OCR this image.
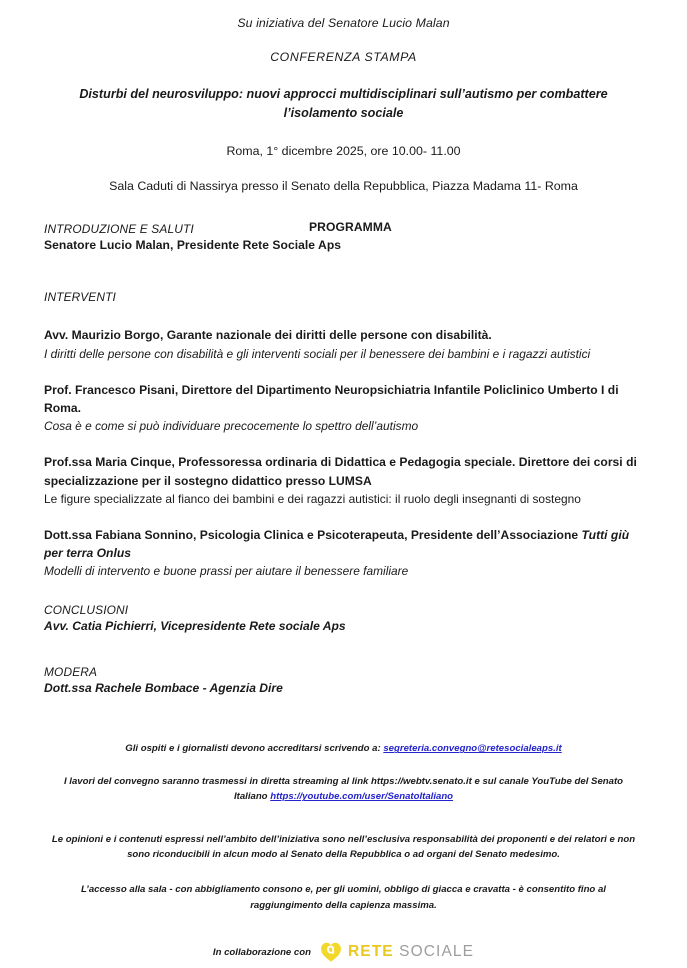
Su iniziativa del Senatore Lucio Malan
CONFERENZA STAMPA
Disturbi del neurosviluppo: nuovi approcci multidisciplinari sull’autismo per combattere l’isolamento sociale
Roma, 1° dicembre 2025, ore 10.00- 11.00
Sala Caduti di Nassirya presso il Senato della Repubblica, Piazza Madama 11- Roma
INTRODUZIONE E SALUTI	PROGRAMMA
Senatore Lucio Malan, Presidente Rete Sociale Aps
INTERVENTI
Avv. Maurizio Borgo, Garante nazionale dei diritti delle persone con disabilità.
I diritti delle persone con disabilità e gli interventi sociali per il benessere dei bambini e i ragazzi autistici
Prof. Francesco Pisani, Direttore del Dipartimento Neuropsichiatria Infantile Policlinico Umberto I di Roma.
Cosa è e come si può individuare precocemente lo spettro dell’autismo
Prof.ssa Maria Cinque, Professoressa ordinaria di Didattica e Pedagogia speciale. Direttore dei corsi di specializzazione per il sostegno didattico presso LUMSA
Le figure specializzate al fianco dei bambini e dei ragazzi autistici: il ruolo degli insegnanti di sostegno
Dott.ssa Fabiana Sonnino, Psicologia Clinica e Psicoterapeuta, Presidente dell’Associazione Tutti giù per terra Onlus
Modelli di intervento e buone prassi per aiutare il benessere familiare
CONCLUSIONI
Avv. Catia Pichierri, Vicepresidente Rete sociale Aps
MODERA
Dott.ssa Rachele Bombace - Agenzia Dire
Gli ospiti e i giornalisti devono accreditarsi scrivendo a: segreteria.convegno@retesocialeaps.it
I lavori del convegno saranno trasmessi in diretta streaming al link https://webtv.senato.it e sul canale YouTube del Senato Italiano https://youtube.com/user/SenatoItaliano
Le opinioni e i contenuti espressi nell’ambito dell’iniziativa sono nell’esclusiva responsabilità dei proponenti e dei relatori e non sono riconducibili in alcun modo al Senato della Repubblica o ad organi del Senato medesimo.
L’accesso alla sala - con abbigliamento consono e, per gli uomini, obbligo di giacca e cravatta - è consentito fino al raggiungimento della capienza massima.
In collaborazione con RETE SOCIALE
